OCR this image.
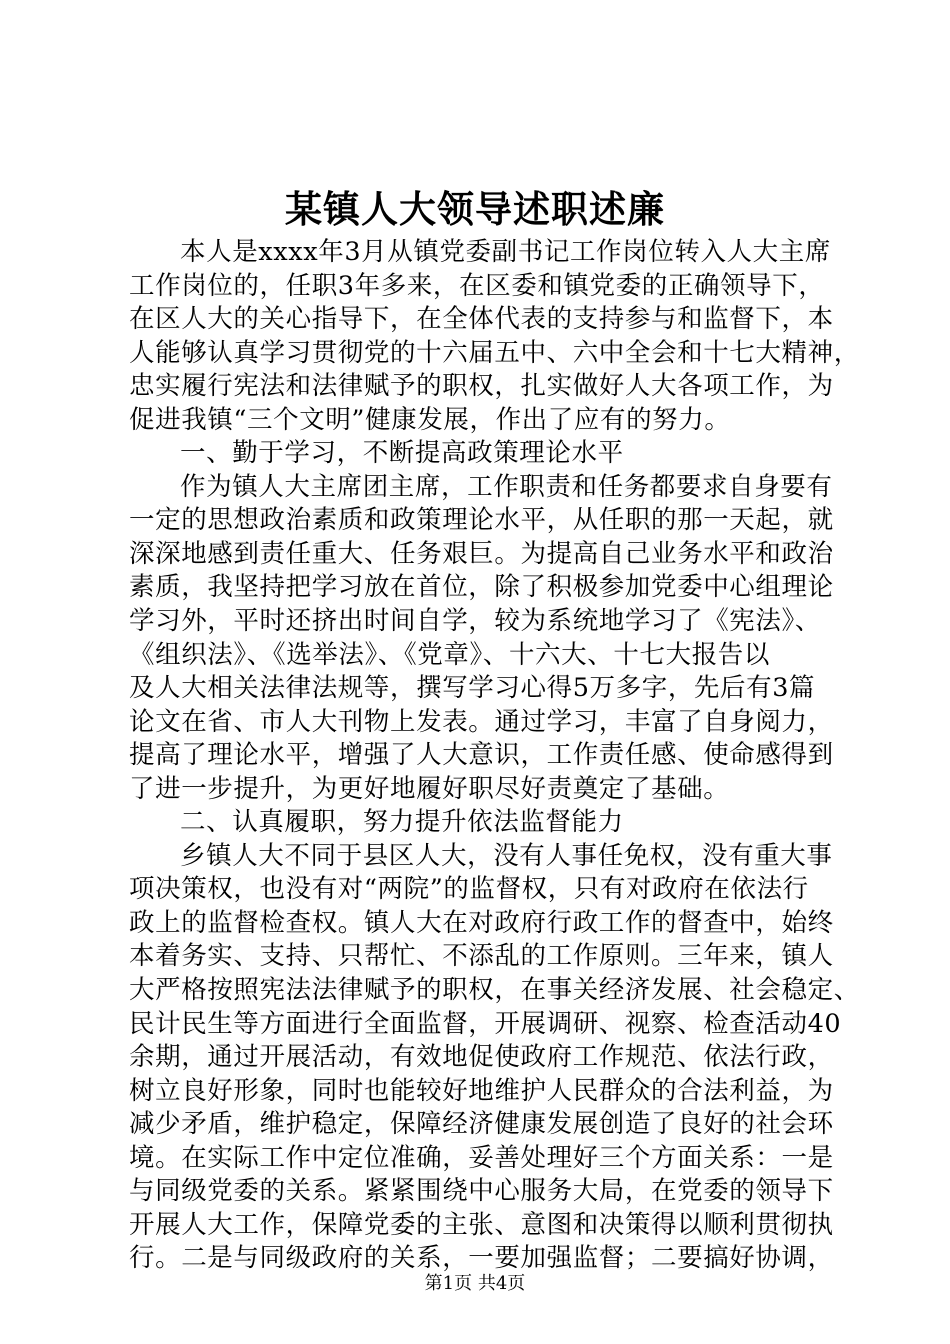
某镇人大领导述职述廉
本人是xxxx年3月从镇党委副书记工作岗位转入人大主席
工作岗位的，任职3年多来，在区委和镇党委的正确领导下，
在区人大的关心指导下，在全体代表的支持参与和监督下，本
人能够认真学习贯彻党的十六届五中、六中全会和十七大精神，
忠实履行宪法和法律赋予的职权，扎实做好人大各项工作，为
促进我镇“三个文明”健康发展，作出了应有的努力。
一、勤于学习，不断提高政策理论水平
作为镇人大主席团主席，工作职责和任务都要求自身要有
一定的思想政治素质和政策理论水平，从任职的那一天起，就
深深地感到责任重大、任务艰巨。为提高自己业务水平和政治
素质，我坚持把学习放在首位，除了积极参加党委中心组理论
学习外，平时还挤出时间自学，较为系统地学习了《宪法》、
《组织法》、《选举法》、《党章》、十六大、十七大报告以
及人大相关法律法规等，撰写学习心得5万多字，先后有3篇
论文在省、市人大刊物上发表。通过学习，丰富了自身阅力，
提高了理论水平，增强了人大意识，工作责任感、使命感得到
了进一步提升，为更好地履好职尽好责奠定了基础。
二、认真履职，努力提升依法监督能力
乡镇人大不同于县区人大，没有人事任免权，没有重大事
项决策权，也没有对“两院”的监督权，只有对政府在依法行
政上的监督检查权。镇人大在对政府行政工作的督查中，始终
本着务实、支持、只帮忙、不添乱的工作原则。三年来，镇人
大严格按照宪法法律赋予的职权，在事关经济发展、社会稳定、
民计民生等方面进行全面监督，开展调研、视察、检查活动40
余期，通过开展活动，有效地促使政府工作规范、依法行政，
树立良好形象，同时也能较好地维护人民群众的合法利益，为
减少矛盾，维护稳定，保障经济健康发展创造了良好的社会环
境。在实际工作中定位准确，妥善处理好三个方面关系：一是
与同级党委的关系。紧紧围绕中心服务大局，在党委的领导下
开展人大工作，保障党委的主张、意图和决策得以顺利贯彻执
行。二是与同级政府的关系，一要加强监督；二要搞好协调，
第1页 共4页
